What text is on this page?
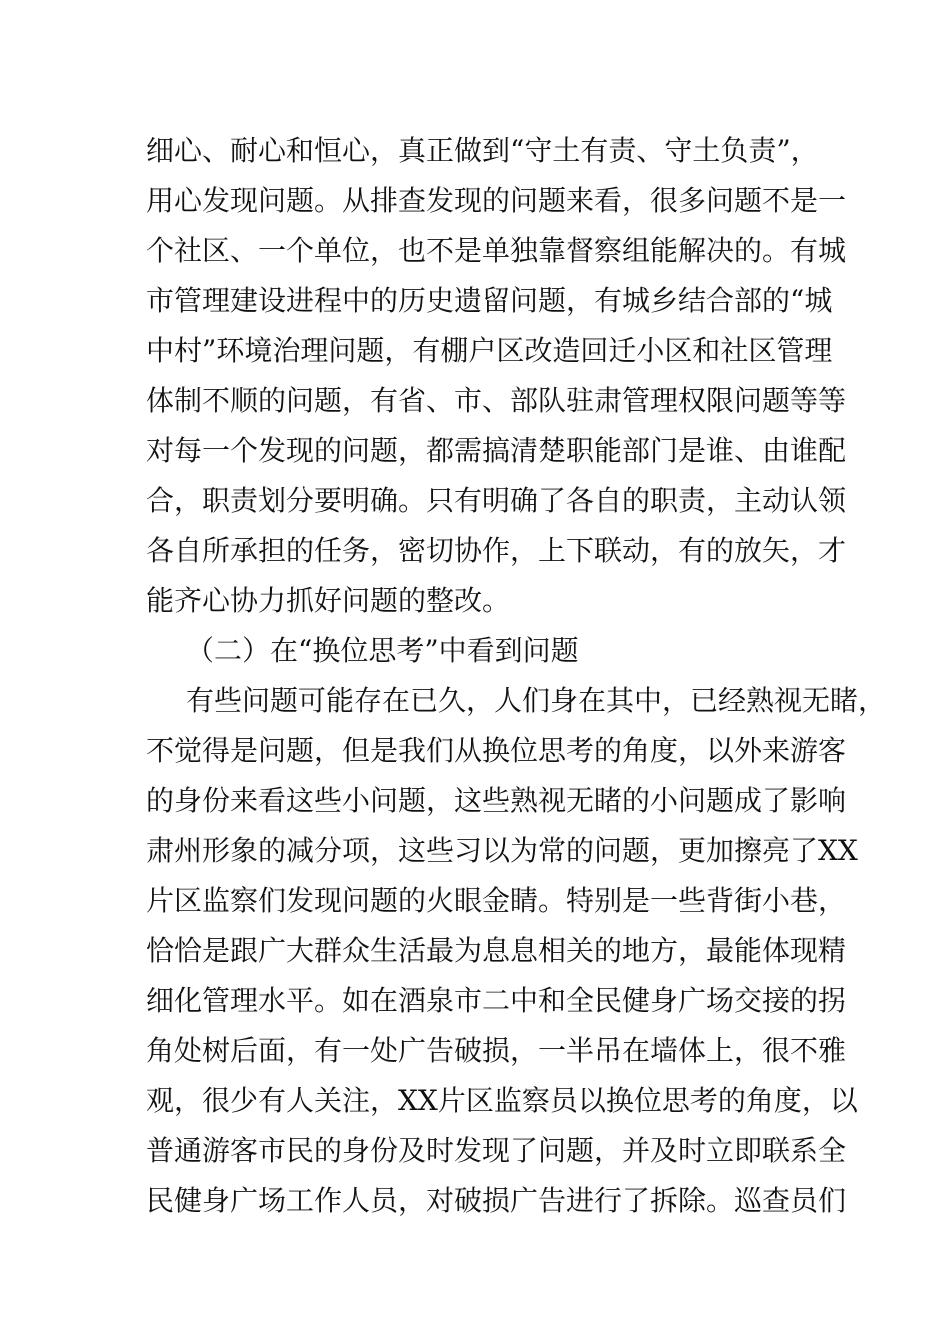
细心、耐心和恒心，真正做到“守土有责、守土负责”，
用心发现问题。从排查发现的问题来看，很多问题不是一
个社区、一个单位，也不是单独靠督察组能解决的。有城
市管理建设进程中的历史遗留问题，有城乡结合部的“城
中村”环境治理问题，有棚户区改造回迁小区和社区管理
体制不顺的问题，有省、市、部队驻肃管理权限问题等等
对每一个发现的问题，都需搞清楚职能部门是谁、由谁配
合，职责划分要明确。只有明确了各自的职责，主动认领
各自所承担的任务，密切协作，上下联动，有的放矢，才
能齐心协力抓好问题的整改。
（二）在“换位思考”中看到问题
有些问题可能存在已久，人们身在其中，已经熟视无睹，
不觉得是问题，但是我们从换位思考的角度，以外来游客
的身份来看这些小问题，这些熟视无睹的小问题成了影响
肃州形象的减分项，这些习以为常的问题，更加擦亮了XX
片区监察们发现问题的火眼金睛。特别是一些背街小巷，
恰恰是跟广大群众生活最为息息相关的地方，最能体现精
细化管理水平。如在酒泉市二中和全民健身广场交接的拐
角处树后面，有一处广告破损，一半吊在墙体上，很不雅
观，很少有人关注，XX片区监察员以换位思考的角度，以
普通游客市民的身份及时发现了问题，并及时立即联系全
民健身广场工作人员，对破损广告进行了拆除。巡查员们
